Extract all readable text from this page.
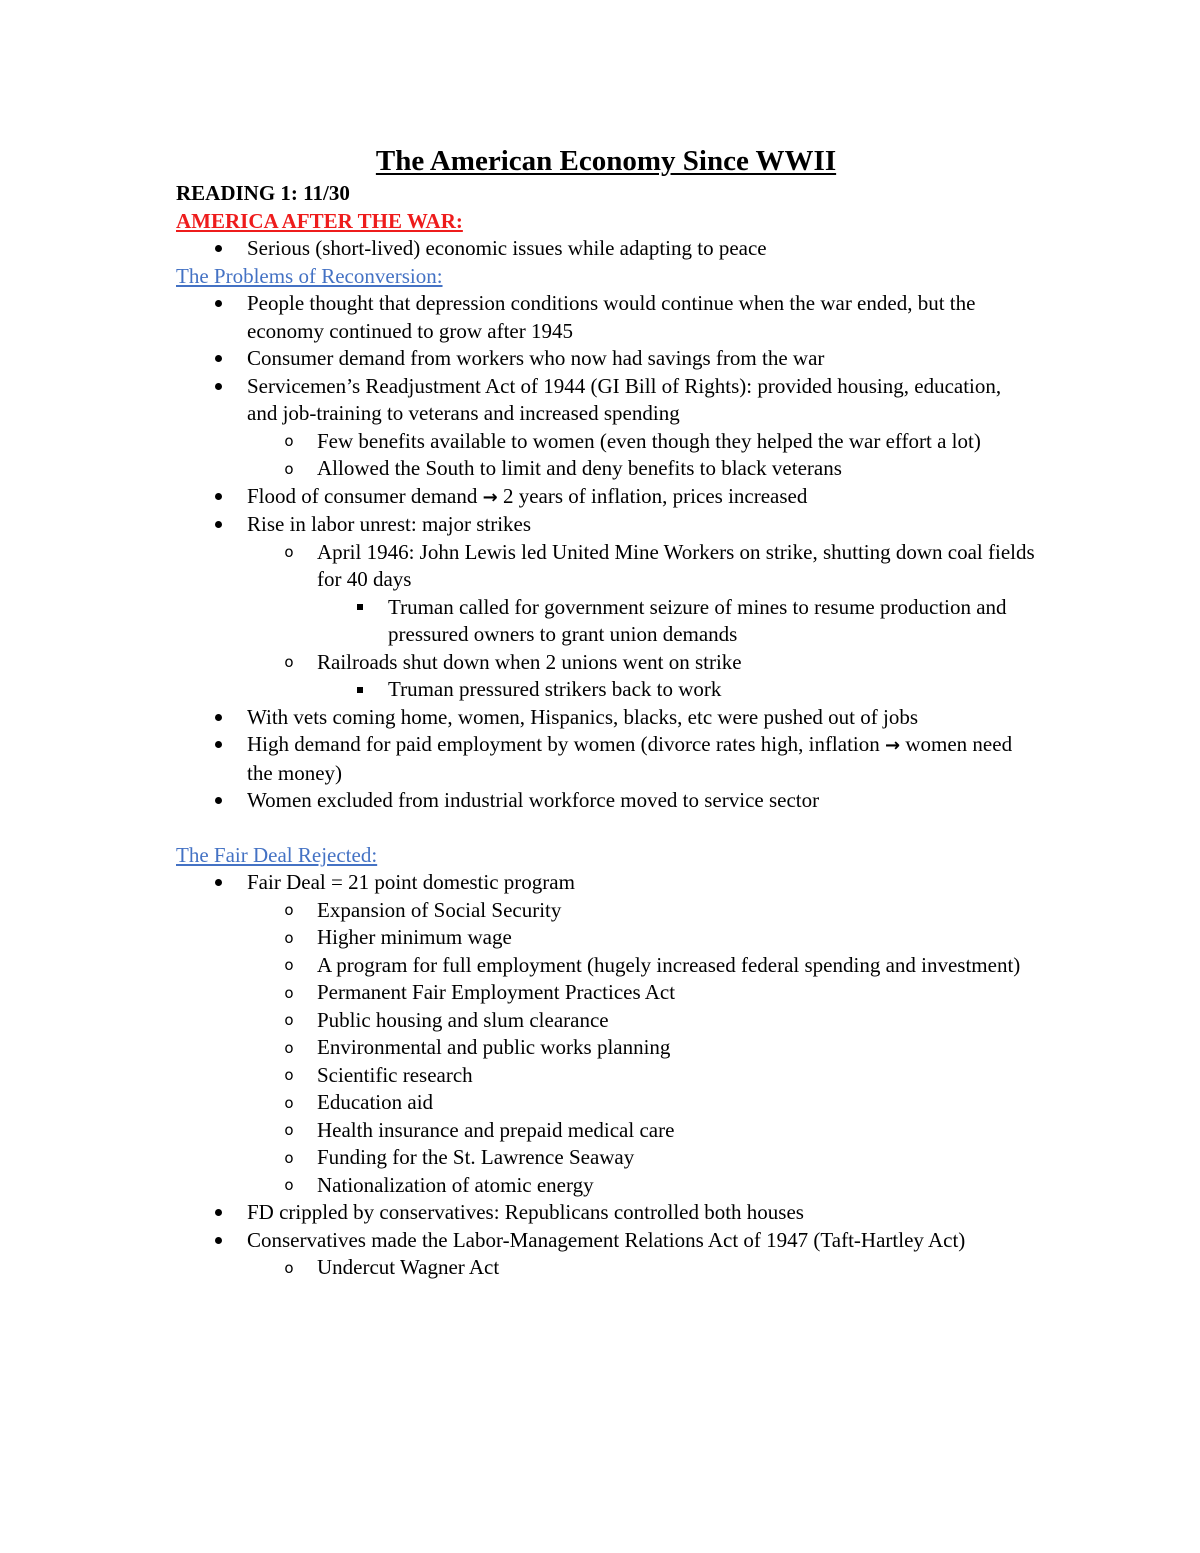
The American Economy Since WWII
READING 1: 11/30
AMERICA AFTER THE WAR:
Serious (short-lived) economic issues while adapting to peace
The Problems of Reconversion:
People thought that depression conditions would continue when the war ended, but the economy continued to grow after 1945
Consumer demand from workers who now had savings from the war
Servicemen’s Readjustment Act of 1944 (GI Bill of Rights): provided housing, education, and job-training to veterans and increased spending
o Few benefits available to women (even though they helped the war effort a lot)
o Allowed the South to limit and deny benefits to black veterans
Flood of consumer demand → 2 years of inflation, prices increased
Rise in labor unrest: major strikes
o April 1946: John Lewis led United Mine Workers on strike, shutting down coal fields for 40 days
Truman called for government seizure of mines to resume production and pressured owners to grant union demands
o Railroads shut down when 2 unions went on strike
Truman pressured strikers back to work
With vets coming home, women, Hispanics, blacks, etc were pushed out of jobs
High demand for paid employment by women (divorce rates high, inflation → women need the money)
Women excluded from industrial workforce moved to service sector
The Fair Deal Rejected:
Fair Deal = 21 point domestic program
o Expansion of Social Security
o Higher minimum wage
o A program for full employment (hugely increased federal spending and investment)
o Permanent Fair Employment Practices Act
o Public housing and slum clearance
o Environmental and public works planning
o Scientific research
o Education aid
o Health insurance and prepaid medical care
o Funding for the St. Lawrence Seaway
o Nationalization of atomic energy
FD crippled by conservatives: Republicans controlled both houses
Conservatives made the Labor-Management Relations Act of 1947 (Taft-Hartley Act)
o Undercut Wagner Act
